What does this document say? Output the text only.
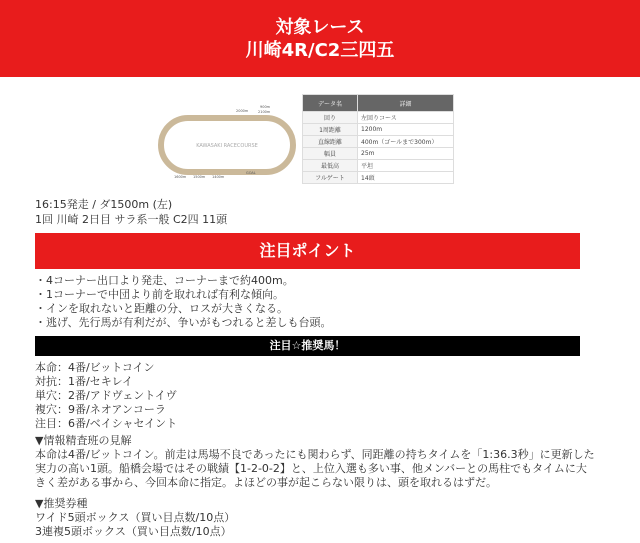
対象レース
川崎4R/C2三四五
KAWASAKI RACECOURSE
2000m
900m
2100m
1600m 1500m 1400m
GOAL
データ名	詳細
回り	左回りコース
1周距離	1200m
直線距離	400m（ゴールまで300m）
幅員	25m
最低高	平坦
フルゲート	14頭
16:15発走 / ダ1500m (左)
1回 川崎 2日目 サラ系一般 C2四 11頭
注目ポイント
・4コーナー出口より発走、コーナーまで約400m。
・1コーナーで中団より前を取れれば有利な傾向。
・インを取れないと距離の分、ロスが大きくなる。
・逃げ、先行馬が有利だが、争いがもつれると差しも台頭。
注目☆推奨馬！
本命：4番/ビットコイン
対抗：1番/セキレイ
単穴：2番/アドヴェントイヴ
複穴：9番/ネオアンコーラ
注目：6番/ベイシャセイント

▼情報精査班の見解

本命は4番/ビットコイン。前走は馬場不良であったにも関わらず、同距離の持ちタイムを「1:36.3秒」に更新した実力の高い1頭。船橋会場ではその戦績【1-2-0-2】と、上位入選も多い事、他メンバーとの馬柱でもタイムに大きく差がある事から、今回本命に指定。よほどの事が起こらない限りは、頭を取れるはずだ。

▼推奨券種
ワイド5頭ボックス（買い目点数/10点）
3連複5頭ボックス（買い目点数/10点）
